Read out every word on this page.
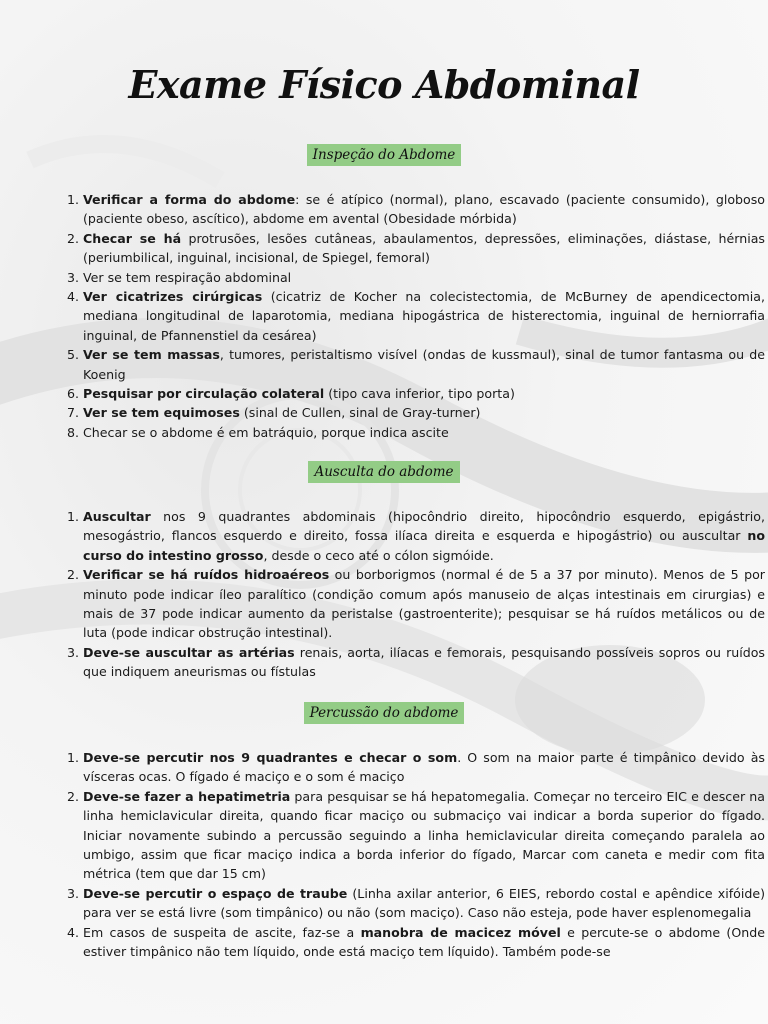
Exame Físico Abdominal
Inspeção do Abdome
1. Verificar a forma do abdome: se é atípico (normal), plano, escavado (paciente consumido), globoso (paciente obeso, ascítico), abdome em avental (Obesidade mórbida)
2. Checar se há protrusões, lesões cutâneas, abaulamentos, depressões, eliminações, diástase, hérnias (periumbilical, inguinal, incisional, de Spiegel, femoral)
3. Ver se tem respiração abdominal
4. Ver cicatrizes cirúrgicas (cicatriz de Kocher na colecistectomia, de McBurney de apendicectomia, mediana longitudinal de laparotomia, mediana hipogástrica de histerectomia, inguinal de herniorrafia inguinal, de Pfannenstiel da cesárea)
5. Ver se tem massas, tumores, peristaltismo visível (ondas de kussmaul), sinal de tumor fantasma ou de Koenig
6. Pesquisar por circulação colateral (tipo cava inferior, tipo porta)
7. Ver se tem equimoses (sinal de Cullen, sinal de Gray-turner)
8. Checar se o abdome é em batráquio, porque indica ascite
Ausculta do abdome
1. Auscultar nos 9 quadrantes abdominais (hipocôndrio direito, hipocôndrio esquerdo, epigástrio, mesogástrio, flancos esquerdo e direito, fossa ilíaca direita e esquerda e hipogástrio) ou auscultar no curso do intestino grosso, desde o ceco até o cólon sigmóide.
2. Verificar se há ruídos hidroaéreos ou borborigmos (normal é de 5 a 37 por minuto). Menos de 5 por minuto pode indicar íleo paralítico (condição comum após manuseio de alças intestinais em cirurgias) e mais de 37 pode indicar aumento da peristalse (gastroenterite); pesquisar se há ruídos metálicos ou de luta (pode indicar obstrução intestinal).
3. Deve-se auscultar as artérias renais, aorta, ilíacas e femorais, pesquisando possíveis sopros ou ruídos que indiquem aneurismas ou fístulas
Percussão do abdome
1. Deve-se percutir nos 9 quadrantes e checar o som. O som na maior parte é timpânico devido às vísceras ocas. O fígado é maciço e o som é maciço
2. Deve-se fazer a hepatimetria para pesquisar se há hepatomegalia. Começar no terceiro EIC e descer na linha hemiclavicular direita, quando ficar maciço ou submaciço vai indicar a borda superior do fígado. Iniciar novamente subindo a percussão seguindo a linha hemiclavicular direita começando paralela ao umbigo, assim que ficar maciço indica a borda inferior do fígado, Marcar com caneta e medir com fita métrica (tem que dar 15 cm)
3. Deve-se percutir o espaço de traube (Linha axilar anterior, 6 EIES, rebordo costal e apêndice xifóide) para ver se está livre (som timpânico) ou não (som maciço). Caso não esteja, pode haver esplenomegalia
4. Em casos de suspeita de ascite, faz-se a manobra de macicez móvel e percute-se o abdome (Onde estiver timpânico não tem líquido, onde está maciço tem líquido). Também pode-se
